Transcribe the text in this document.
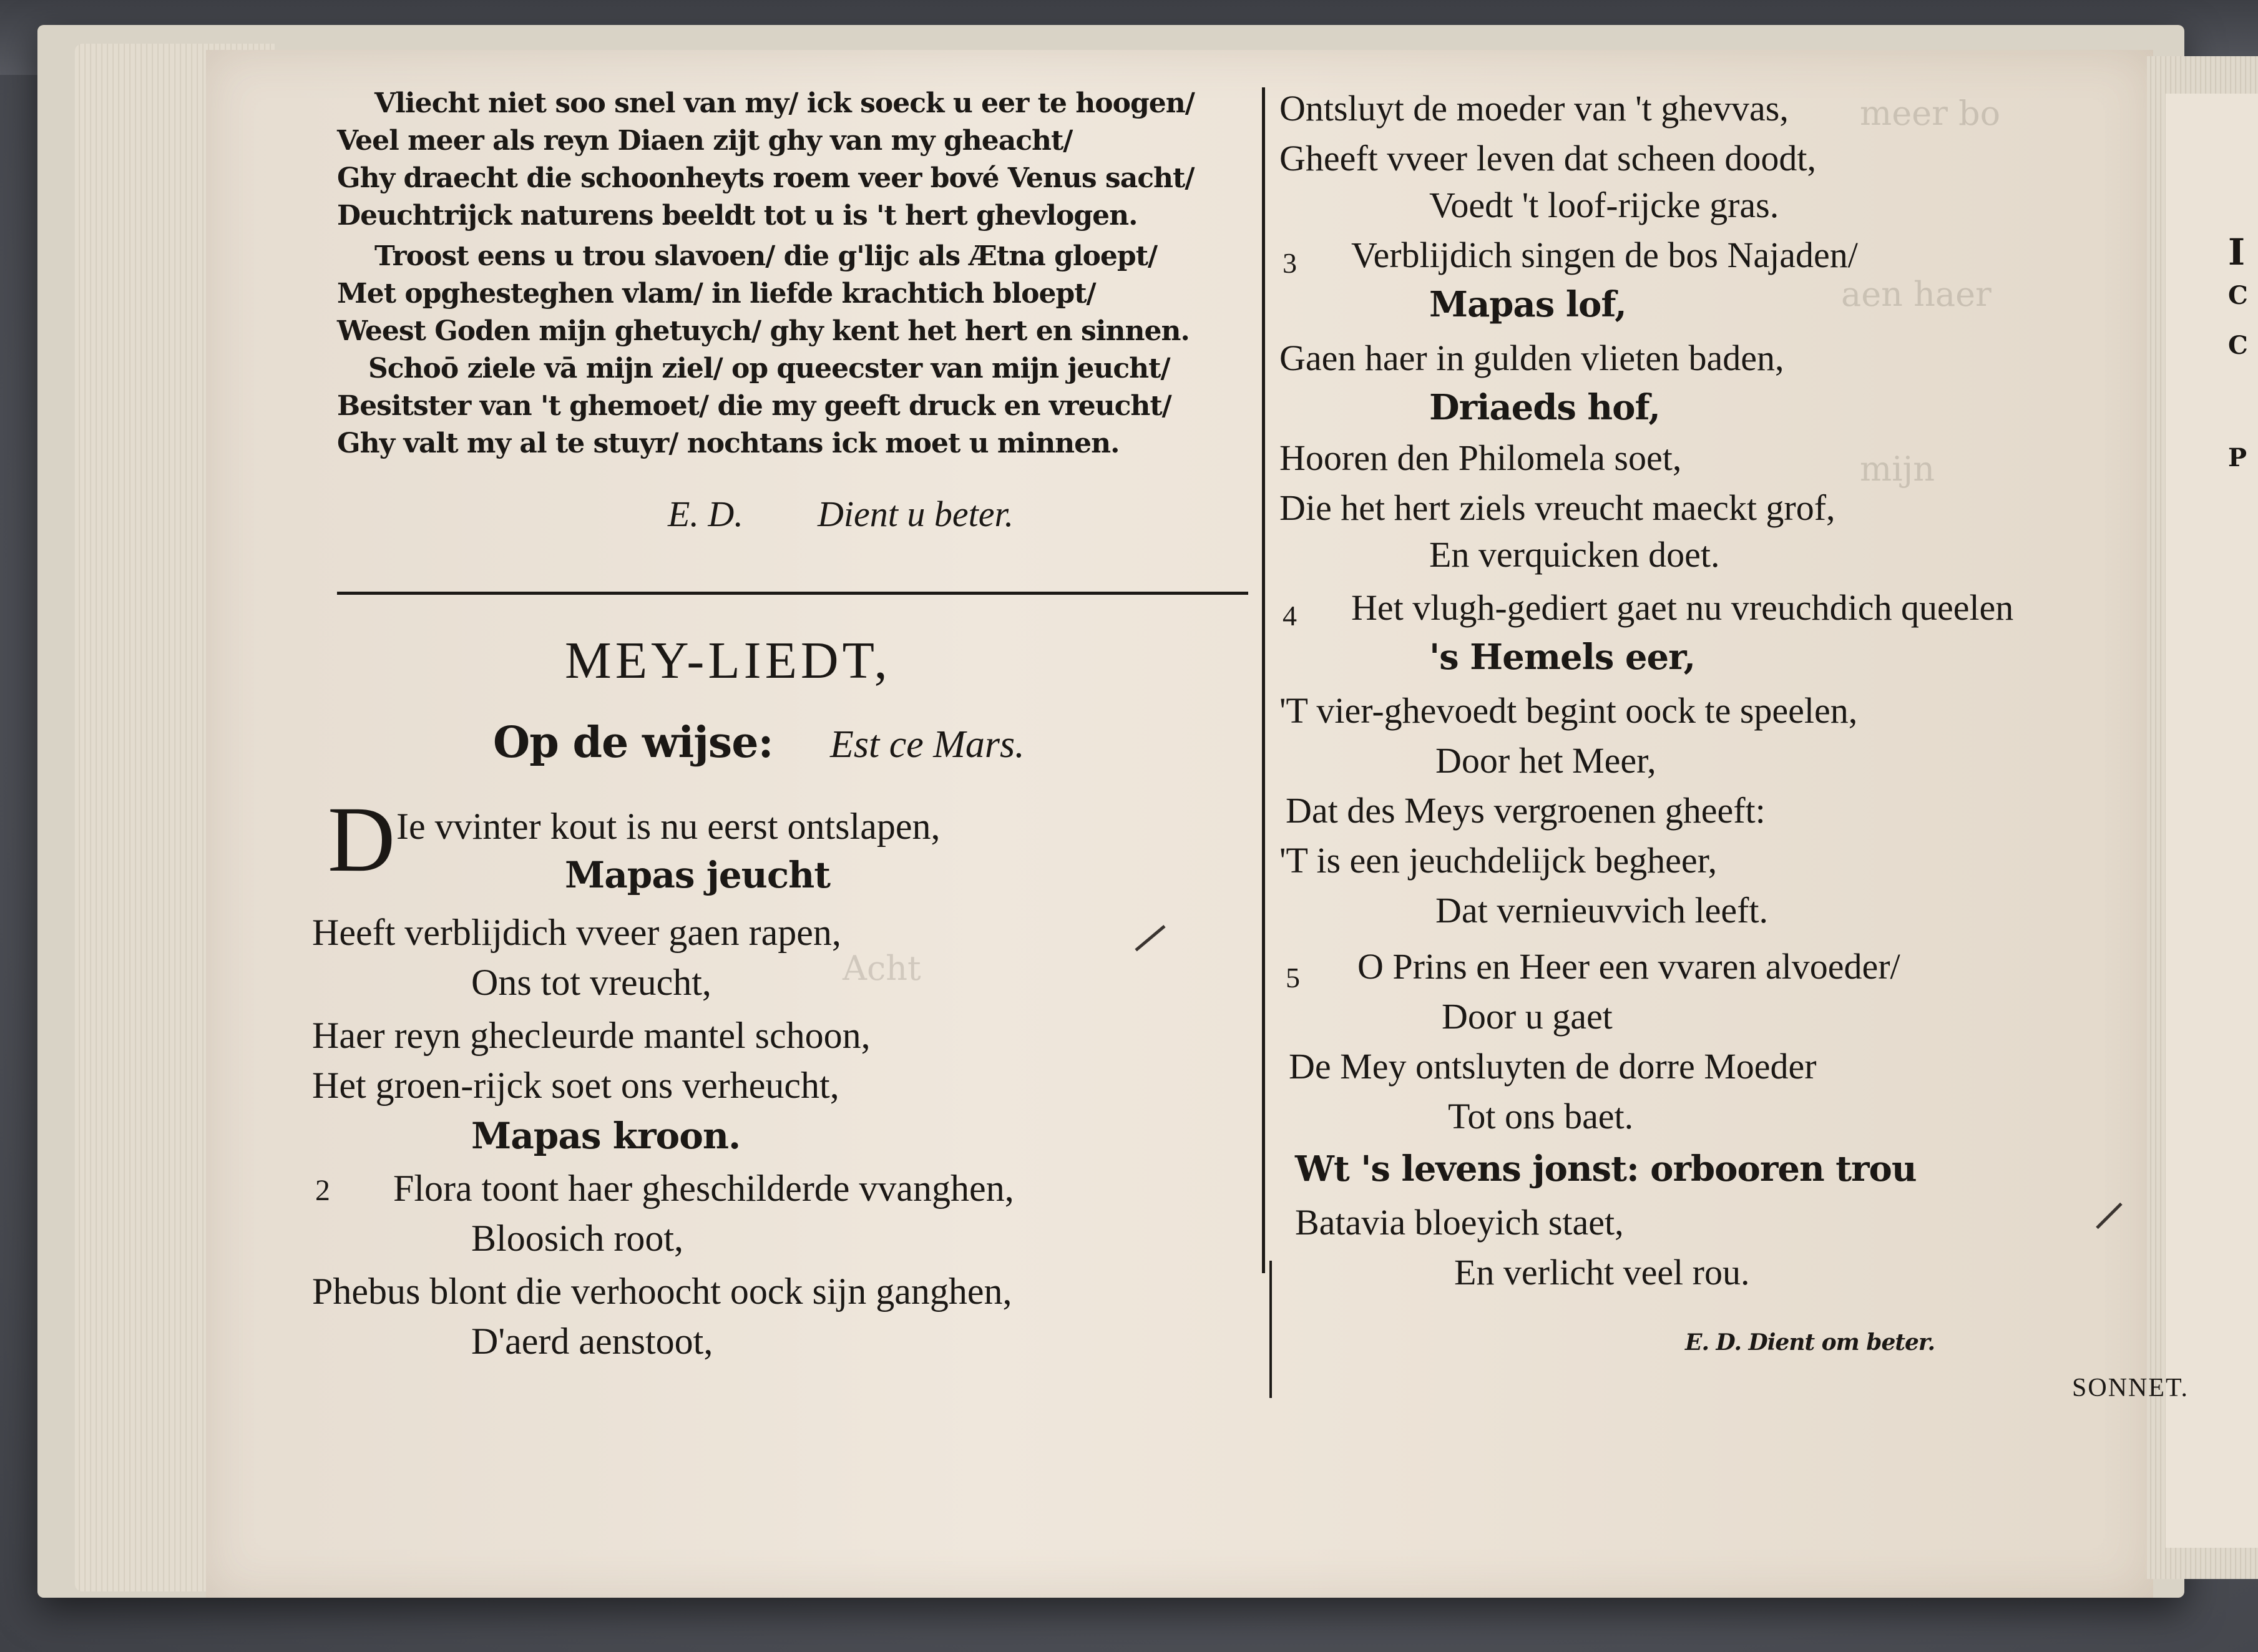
I
C
C
P
meer bo
aen haer
mijn
Acht
Vliecht niet soo snel van my/ ick soeck u eer te hoogen/
Veel meer als reyn Diaen zijt ghy van my gheacht/
Ghy draecht die schoonheyts roem veer bové Venus sacht/
Deuchtrijck naturens beeldt tot u is 't hert ghevlogen.
Troost eens u trou slavoen/ die g'lijc als Ætna gloept/
Met opghesteghen vlam/ in liefde krachtich bloept/
Weest Goden mijn ghetuych/ ghy kent het hert en sinnen.
Schoō ziele vā mijn ziel/ op queecster van mijn jeucht/
Besitster van 't ghemoet/ die my geeft druck en vreucht/
Ghy valt my al te stuyr/ nochtans ick moet u minnen.
E. D. Dient u beter.
MEY-LIEDT,
Op de wijse: Est ce Mars.
D Ie vvinter kout is nu eerst ontslapen,
Mapas jeucht
Heeft verblijdich vveer gaen rapen,
Ons tot vreucht,
Haer reyn ghecleurde mantel schoon,
Het groen-rijck soet ons verheucht,
Mapas kroon.
2 Flora toont haer gheschilderde vvanghen,
Bloosich root,
Phebus blont die verhoocht oock sijn ganghen,
D'aerd aenstoot,
Ontsluyt de moeder van 't ghevvas,
Gheeft vveer leven dat scheen doodt,
Voedt 't loof-rijcke gras.
3 Verblijdich singen de bos Najaden/
Mapas lof,
Gaen haer in gulden vlieten baden,
Driaeds hof,
Hooren den Philomela soet,
Die het hert ziels vreucht maeckt grof,
En verquicken doet.
4 Het vlugh-gediert gaet nu vreuchdich queelen
's Hemels eer,
'T vier-ghevoedt begint oock te speelen,
Door het Meer,
Dat des Meys vergroenen gheeft:
'T is een jeuchdelijck begheer,
Dat vernieuvvich leeft.
5 O Prins en Heer een vvaren alvoeder/
Door u gaet
De Mey ontsluyten de dorre Moeder
Tot ons baet.
Wt 's levens jonst: orbooren trou
Batavia bloeyich staet,
En verlicht veel rou.
E. D. Dient om beter.
SONNET.
